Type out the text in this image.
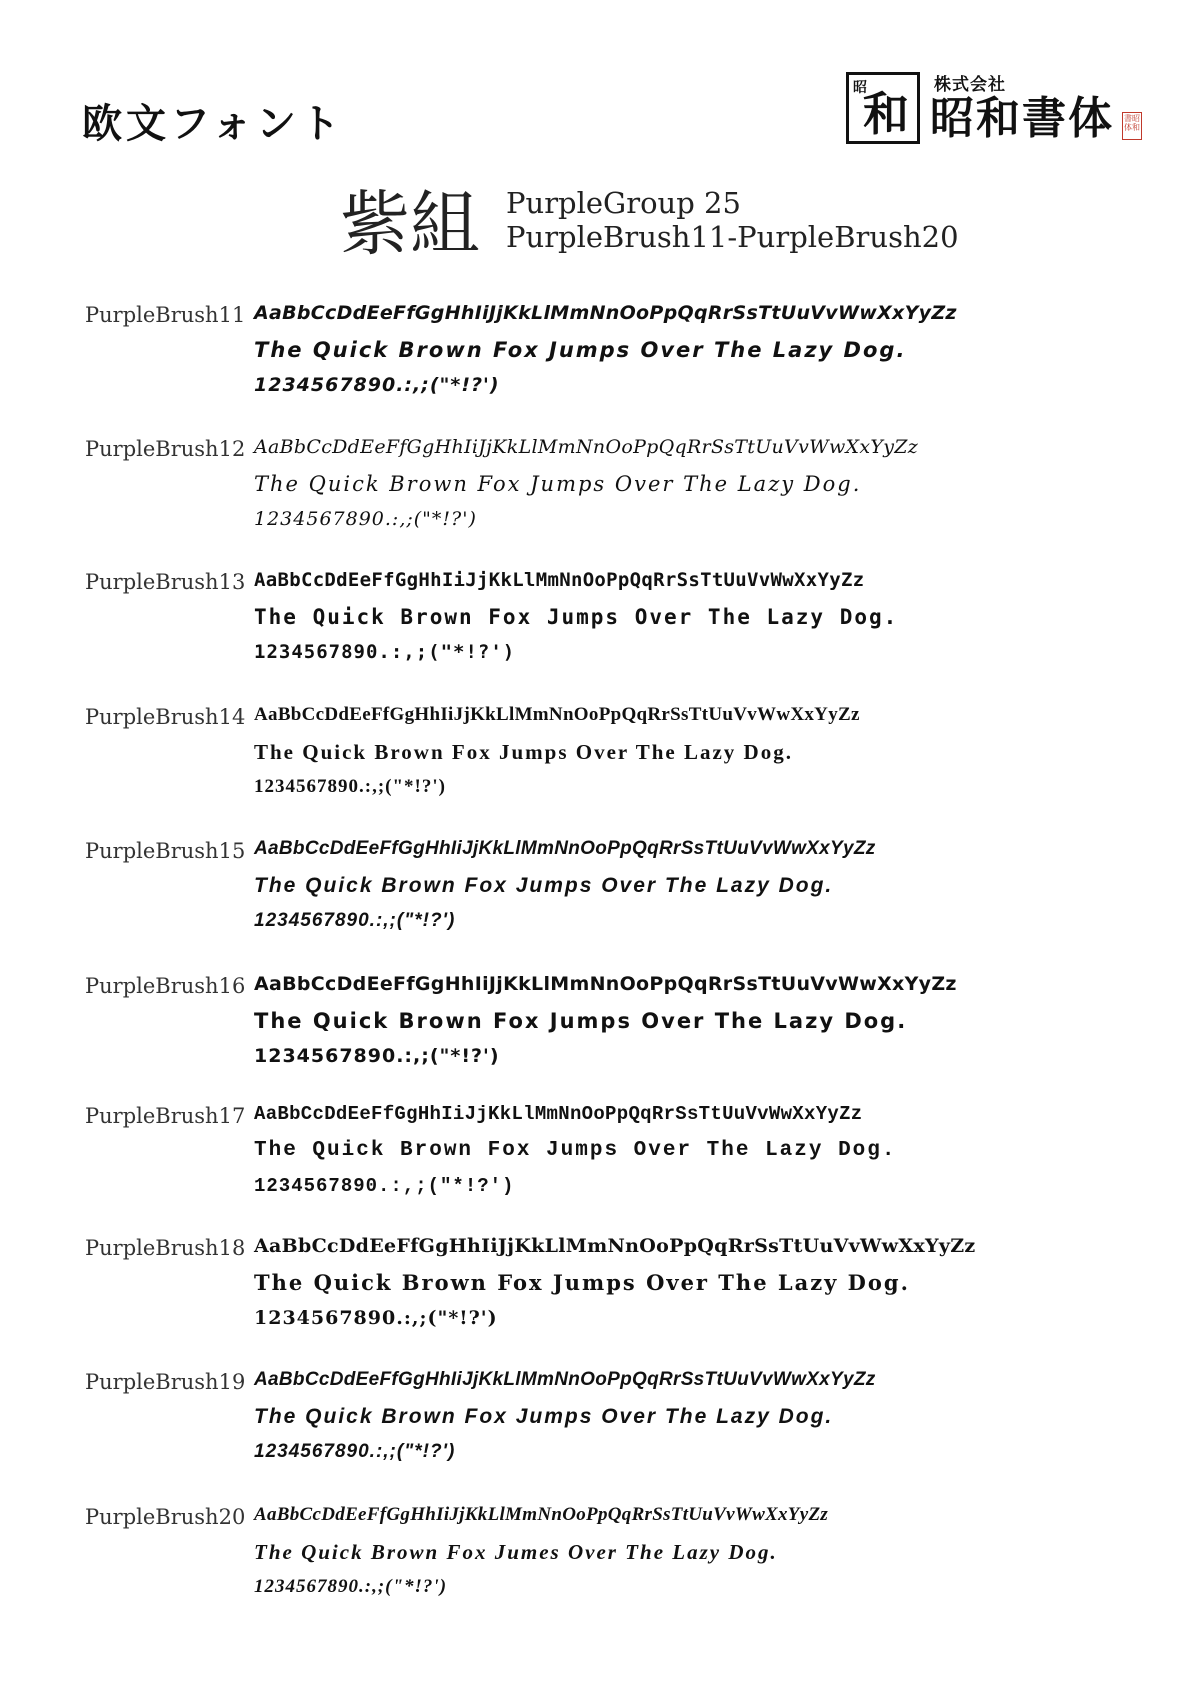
欧文フォント
昭
和
株式会社
昭和書体 書昭体和
紫組 PurpleGroup 25
PurpleBrush11-PurpleBrush20
PurpleBrush11 AaBbCcDdEeFfGgHhIiJjKkLlMmNnOoPpQqRrSsTtUuVvWwXxYyZz
The Quick Brown Fox Jumps Over The Lazy Dog.
1234567890.:,;("*!?')
PurpleBrush12 AaBbCcDdEeFfGgHhIiJjKkLlMmNnOoPpQqRrSsTtUuVvWwXxYyZz
The Quick Brown Fox Jumps Over The Lazy Dog.
1234567890.:,;("*!?')
PurpleBrush13 AaBbCcDdEeFfGgHhIiJjKkLlMmNnOoPpQqRrSsTtUuVvWwXxYyZz
The Quick Brown Fox Jumps Over The Lazy Dog.
1234567890.:,;("*!?')
PurpleBrush14 AaBbCcDdEeFfGgHhIiJjKkLlMmNnOoPpQqRrSsTtUuVvWwXxYyZz
The Quick Brown Fox Jumps Over The Lazy Dog.
1234567890.:,;("*!?')
PurpleBrush15 AaBbCcDdEeFfGgHhIiJjKkLlMmNnOoPpQqRrSsTtUuVvWwXxYyZz
The Quick Brown Fox Jumps Over The Lazy Dog.
1234567890.:,;("*!?')
PurpleBrush16 AaBbCcDdEeFfGgHhIiJjKkLlMmNnOoPpQqRrSsTtUuVvWwXxYyZz
The Quick Brown Fox Jumps Over The Lazy Dog.
1234567890.:,;("*!?')
PurpleBrush17 AaBbCcDdEeFfGgHhIiJjKkLlMmNnOoPpQqRrSsTtUuVvWwXxYyZz
The Quick Brown Fox Jumps Over The Lazy Dog.
1234567890.:,;("*!?')
PurpleBrush18 AaBbCcDdEeFfGgHhIiJjKkLlMmNnOoPpQqRrSsTtUuVvWwXxYyZz
The Quick Brown Fox Jumps Over The Lazy Dog.
1234567890.:,;("*!?')
PurpleBrush19 AaBbCcDdEeFfGgHhIiJjKkLlMmNnOoPpQqRrSsTtUuVvWwXxYyZz
The Quick Brown Fox Jumps Over The Lazy Dog.
1234567890.:,;("*!?')
PurpleBrush20 AaBbCcDdEeFfGgHhIiJjKkLlMmNnOoPpQqRrSsTtUuVvWwXxYyZz
The Quick Brown Fox Jumes Over The Lazy Dog.
1234567890.:,;("*!?')
